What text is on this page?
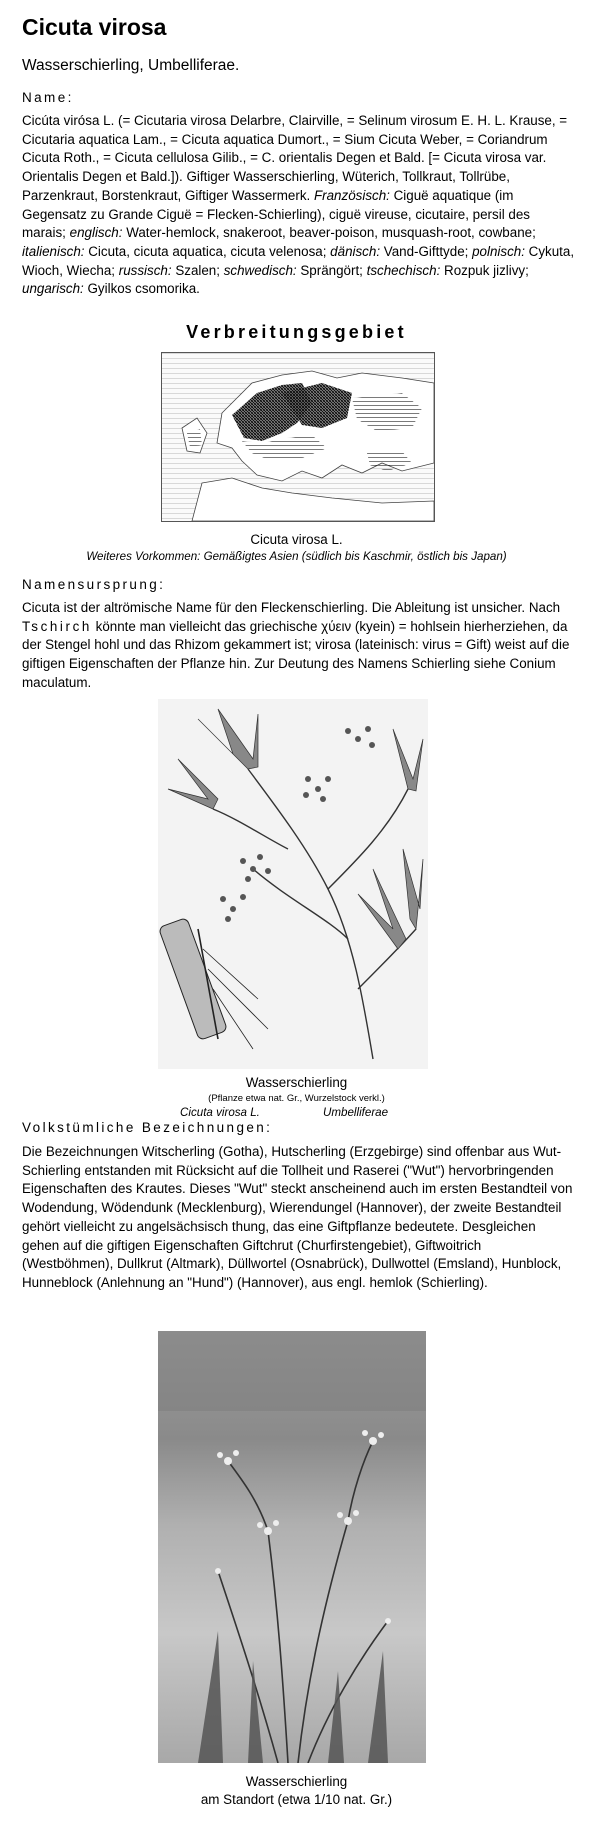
Cicuta virosa
Wasserschierling, Umbelliferae.
Name:
Cicúta virósa L. (= Cicutaria virosa Delarbre, Clairville, = Selinum virosum E. H. L. Krause, = Cicutaria aquatica Lam., = Cicuta aquatica Dumort., = Sium Cicuta Weber, = Coriandrum Cicuta Roth., = Cicuta cellulosa Gilib., = C. orientalis Degen et Bald. [= Cicuta virosa var. Orientalis Degen et Bald.]). Giftiger Wasserschierling, Wüterich, Tollkraut, Tollrübe, Parzenkraut, Borstenkraut, Giftiger Wassermerk. Französisch: Ciguë aquatique (im Gegensatz zu Grande Ciguë = Flecken-Schierling), ciguë vireuse, cicutaire, persil des marais; englisch: Water-hemlock, snakeroot, beaver-poison, musquash-root, cowbane; italienisch: Cicuta, cicuta aquatica, cicuta velenosa; dänisch: Vand-Gifttyde; polnisch: Cykuta, Wioch, Wiecha; russisch: Szalen; schwedisch: Sprängört; tschechisch: Rozpuk jizlivy; ungarisch: Gyilkos csomorika.
Verbreitungsgebiet
Cicuta virosa L.
Weiteres Vorkommen: Gemäßigtes Asien (südlich bis Kaschmir, östlich bis Japan)
Namensursprung:
Cicuta ist der altrömische Name für den Fleckenschierling. Die Ableitung ist unsicher. Nach Tschirch könnte man vielleicht das griechische χύειν (kyein) = hohlsein hierherziehen, da der Stengel hohl und das Rhizom gekammert ist; virosa (lateinisch: virus = Gift) weist auf die giftigen Eigenschaften der Pflanze hin. Zur Deutung des Namens Schierling siehe Conium maculatum.
Wasserschierling
(Pflanze etwa nat. Gr., Wurzelstock verkl.)
Cicuta virosa L.	Umbelliferae
Volkstümliche Bezeichnungen:
Die Bezeichnungen Witscherling (Gotha), Hutscherling (Erzgebirge) sind offenbar aus Wut-Schierling entstanden mit Rücksicht auf die Tollheit und Raserei ("Wut") hervorbringenden Eigenschaften des Krautes. Dieses "Wut" steckt anscheinend auch im ersten Bestandteil von Wodendung, Wödendunk (Mecklenburg), Wierendungel (Hannover), der zweite Bestandteil gehört vielleicht zu angelsächsisch thung, das eine Giftpflanze bedeutete. Desgleichen gehen auf die giftigen Eigenschaften Giftchrut (Churfirstengebiet), Giftwoitrich (Westböhmen), Dullkrut (Altmark), Düllwortel (Osnabrück), Dullwottel (Emsland), Hunblock, Hunneblock (Anlehnung an "Hund") (Hannover), aus engl. hemlok (Schierling).
Wasserschierling
am Standort (etwa 1/10 nat. Gr.)
